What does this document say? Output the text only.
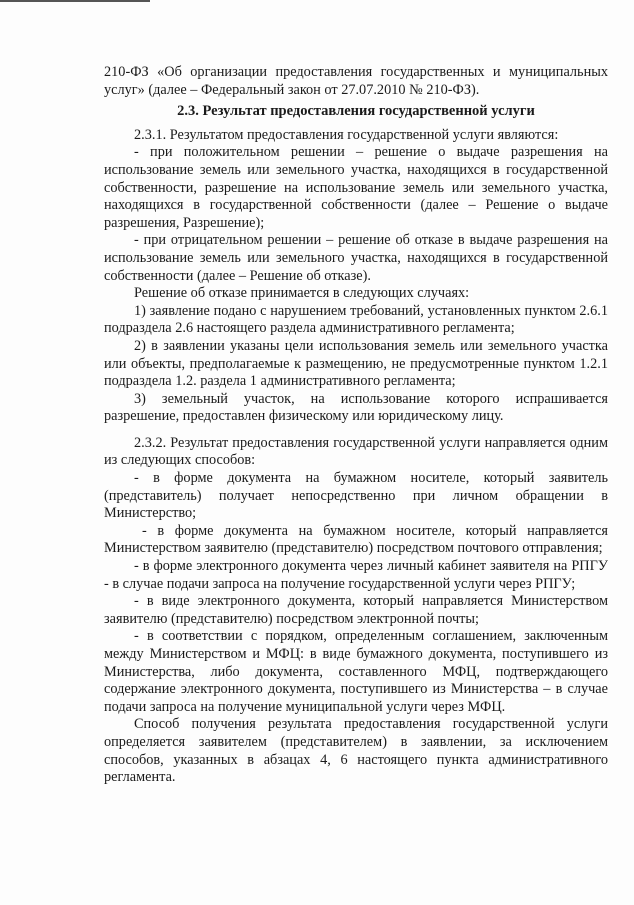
210-ФЗ «Об организации предоставления государственных и муниципальных услуг» (далее – Федеральный закон от 27.07.2010 № 210-ФЗ).

2.3. Результат предоставления государственной услуги

2.3.1. Результатом предоставления государственной услуги являются:

- при положительном решении – решение о выдаче разрешения на использование земель или земельного участка, находящихся в государственной собственности, разрешение на использование земель или земельного участка, находящихся в государственной собственности (далее – Решение о выдаче разрешения, Разрешение);

- при отрицательном решении – решение об отказе в выдаче разрешения на использование земель или земельного участка, находящихся в государственной собственности (далее – Решение об отказе).

Решение об отказе принимается в следующих случаях:

1) заявление подано с нарушением требований, установленных пунктом 2.6.1 подраздела 2.6 настоящего раздела административного регламента;

2) в заявлении указаны цели использования земель или земельного участка или объекты, предполагаемые к размещению, не предусмотренные пунктом 1.2.1 подраздела 1.2. раздела 1 административного регламента;

3) земельный участок, на использование которого испрашивается разрешение, предоставлен физическому или юридическому лицу.

2.3.2. Результат предоставления государственной услуги направляется одним из следующих способов:

- в форме документа на бумажном носителе, который заявитель (представитель) получает непосредственно при личном обращении в Министерство;

- в форме документа на бумажном носителе, который направляется Министерством заявителю (представителю) посредством почтового отправления;

- в форме электронного документа через личный кабинет заявителя на РПГУ - в случае подачи запроса на получение государственной услуги через РПГУ;

- в виде электронного документа, который направляется Министерством заявителю (представителю) посредством электронной почты;

- в соответствии с порядком, определенным соглашением, заключенным между Министерством и МФЦ: в виде бумажного документа, поступившего из Министерства, либо документа, составленного МФЦ, подтверждающего содержание электронного документа, поступившего из Министерства – в случае подачи запроса на получение муниципальной услуги через МФЦ.

Способ получения результата предоставления государственной услуги определяется заявителем (представителем) в заявлении, за исключением способов, указанных в абзацах 4, 6 настоящего пункта административного регламента.
